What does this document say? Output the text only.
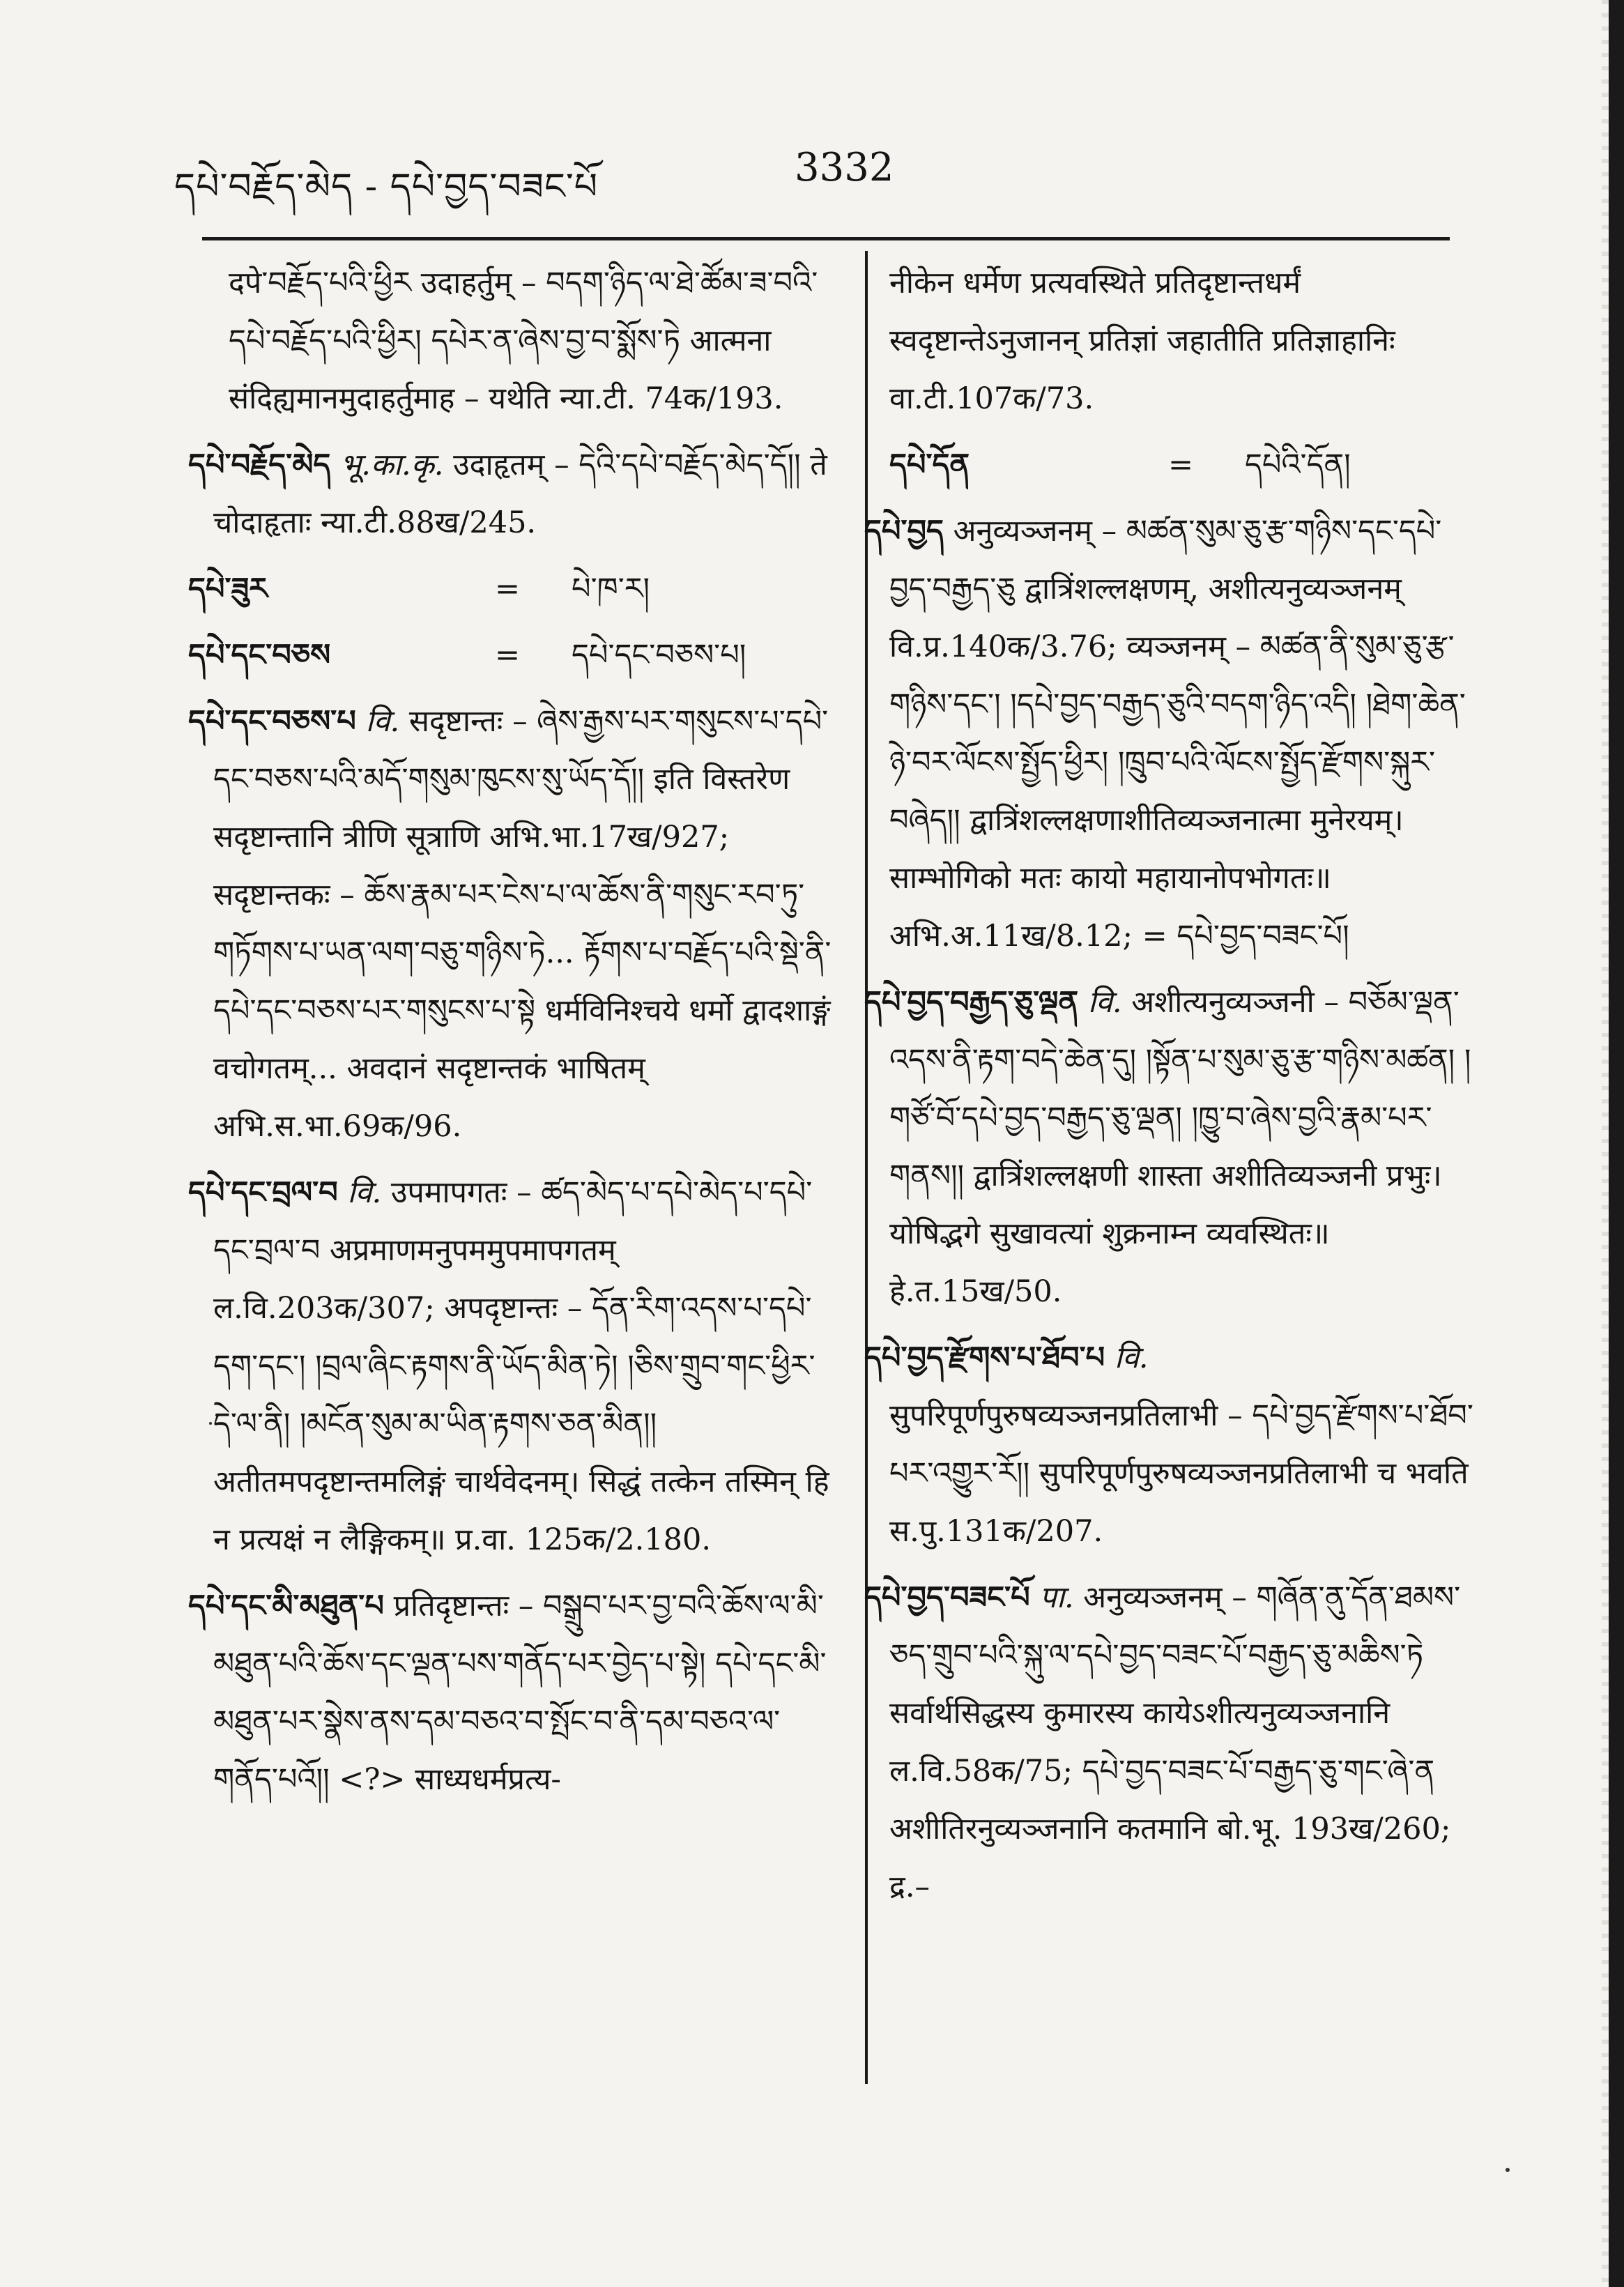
དཔེ་བརྗོད་མེད - དཔེ་བྱད་བཟང་པོ	3332

दपे་བརྗོད་པའི་ཕྱིར उदाहर्तुम् – བདག་ཉིད་ལ་ཐེ་ཚོམ་ཟ་བའི་དཔེ་བརྗོད་པའི་ཕྱིར། དཔེར་ན་ཞེས་བྱ་བ་སྨོས་ཏེ आत्मना संदिह्यमानमुदाहर्तुमाह – यथेति न्या.टी. 74क/193.

དཔེ་བརྗོད་མེད भू.का.कृ. उदाहृतम् – དེའི་དཔེ་བརྗོད་མེད་དོ།། ते चोदाहृताः न्या.टी.88ख/245.

དཔེ་ཟུར	=	པེ་ཁ་ར།
དཔེ་དང་བཅས	=	དཔེ་དང་བཅས་པ།

དཔེ་དང་བཅས་པ वि. सदृष्टान्तः – ཞེས་རྒྱས་པར་གསུངས་པ་དཔེ་དང་བཅས་པའི་མདོ་གསུམ་ཁུངས་སུ་ཡོད་དོ།། इति विस्तरेण सदृष्टान्तानि त्रीणि सूत्राणि अभि.भा.17ख/927; सदृष्टान्तकः – ཆོས་རྣམ་པར་ངེས་པ་ལ་ཆོས་ནི་གསུང་རབ་ཏུ་གཏོགས་པ་ཡན་ལག་བཅུ་གཉིས་ཏེ... རྟོགས་པ་བརྗོད་པའི་སྡེ་ནི་དཔེ་དང་བཅས་པར་གསུངས་པ་སྟེ धर्मविनिश्चये धर्मो द्वादशाङ्गं वचोगतम्... अवदानं सदृष्टान्तकं भाषितम् अभि.स.भा.69क/96.

དཔེ་དང་བྲལ་བ वि. उपमापगतः – ཚད་མེད་པ་དཔེ་མེད་པ་དཔེ་དང་བྲལ་བ अप्रमाणमनुपममुपमापगतम् ल.वि.203क/307; अपदृष्टान्तः – དོན་རིག་འདས་པ་དཔེ་དག་དང་། །བྲལ་ཞིང་རྟགས་ནི་ཡོད་མིན་ཏེ། །ཅིས་གྲུབ་གང་ཕྱིར་དེ་ལ་ནི། །མངོན་སུམ་མ་ཡིན་རྟགས་ཅན་མིན།། अतीतमपदृष्टान्तमलिङ्गं चार्थवेदनम्। सिद्धं तत्केन तस्मिन् हि न प्रत्यक्षं न लैङ्गिकम्॥ प्र.वा. 125क/2.180.

དཔེ་དང་མི་མཐུན་པ प्रतिदृष्टान्तः – བསྒྲུབ་པར་བྱ་བའི་ཆོས་ལ་མི་མཐུན་པའི་ཆོས་དང་ལྡན་པས་གནོད་པར་བྱེད་པ་སྟེ། དཔེ་དང་མི་མཐུན་པར་སྣེས་ནས་དམ་བཅའ་བ་སྤོང་བ་ནི་དམ་བཅའ་ལ་གནོད་པའོ།། <?> साध्यधर्मप्रत्य-

नीकेन धर्मेण प्रत्यवस्थिते प्रतिदृष्टान्तधर्मं स्वदृष्टान्तेऽनुजानन् प्रतिज्ञां जहातीति प्रतिज्ञाहानिः वा.टी.107क/73.

དཔེ་དོན	=	དཔེའི་དོན།

དཔེ་བྱད अनुव्यञ्जनम् – མཚན་སུམ་ཅུ་རྩ་གཉིས་དང་དཔེ་བྱད་བརྒྱད་ཅུ द्वात्रिंशल्लक्षणम्, अशीत्यनुव्यञ्जनम् वि.प्र.140क/3.76; व्यञ्जनम् – མཚན་ནི་སུམ་ཅུ་རྩ་གཉིས་དང་། །དཔེ་བྱད་བརྒྱད་ཅུའི་བདག་ཉིད་འདི། །ཐེག་ཆེན་ཉེ་བར་ལོངས་སྤྱོད་ཕྱིར། །ཁྲུབ་པའི་ལོངས་སྤྱོད་རྫོགས་སྐུར་བཞེད།། द्वात्रिंशल्लक्षणाशीतिव्यञ्जनात्मा मुनेरयम्। साम्भोगिको मतः कायो महायानोपभोगतः॥ अभि.अ.11ख/8.12; = དཔེ་བྱད་བཟང་པོ།

དཔེ་བྱད་བརྒྱད་ཅུ་ལྡན वि. अशीत्यनुव्यञ्जनी – བཅོམ་ལྡན་འདས་ནི་རྟག་བདེ་ཆེན་དུ། །སྟོན་པ་སུམ་ཅུ་རྩ་གཉིས་མཚན། །གཙོ་བོ་དཔེ་བྱད་བརྒྱད་ཅུ་ལྡན། །ཁྱུ་བ་ཞེས་བྱའི་རྣམ་པར་གནས།། द्वात्रिंशल्लक्षणी शास्ता अशीतिव्यञ्जनी प्रभुः। योषिद्भगे सुखावत्यां शुक्रनाम्न व्यवस्थितः॥ हे.त.15ख/50.

དཔེ་བྱད་རྫོགས་པ་ཐོབ་པ वि. सुपरिपूर्णपुरुषव्यञ्जनप्रतिलाभी – དཔེ་བྱད་རྫོགས་པ་ཐོབ་པར་འགྱུར་རོ།། सुपरिपूर्णपुरुषव्यञ्जनप्रतिलाभी च भवति स.पु.131क/207.

དཔེ་བྱད་བཟང་པོ पा. अनुव्यञ्जनम् – གཞོན་ནུ་དོན་ཐམས་ཅད་གྲུབ་པའི་སྐུ་ལ་དཔེ་བྱད་བཟང་པོ་བརྒྱད་ཅུ་མཆིས་ཏེ सर्वार्थसिद्धस्य कुमारस्य कायेऽशीत्यनुव्यञ्जनानि ल.वि.58क/75; དཔེ་བྱད་བཟང་པོ་བརྒྱད་ཅུ་གང་ཞེ་ན अशीतिरनुव्यञ्जनानि कतमानि बो.भू. 193ख/260; द्र.–
